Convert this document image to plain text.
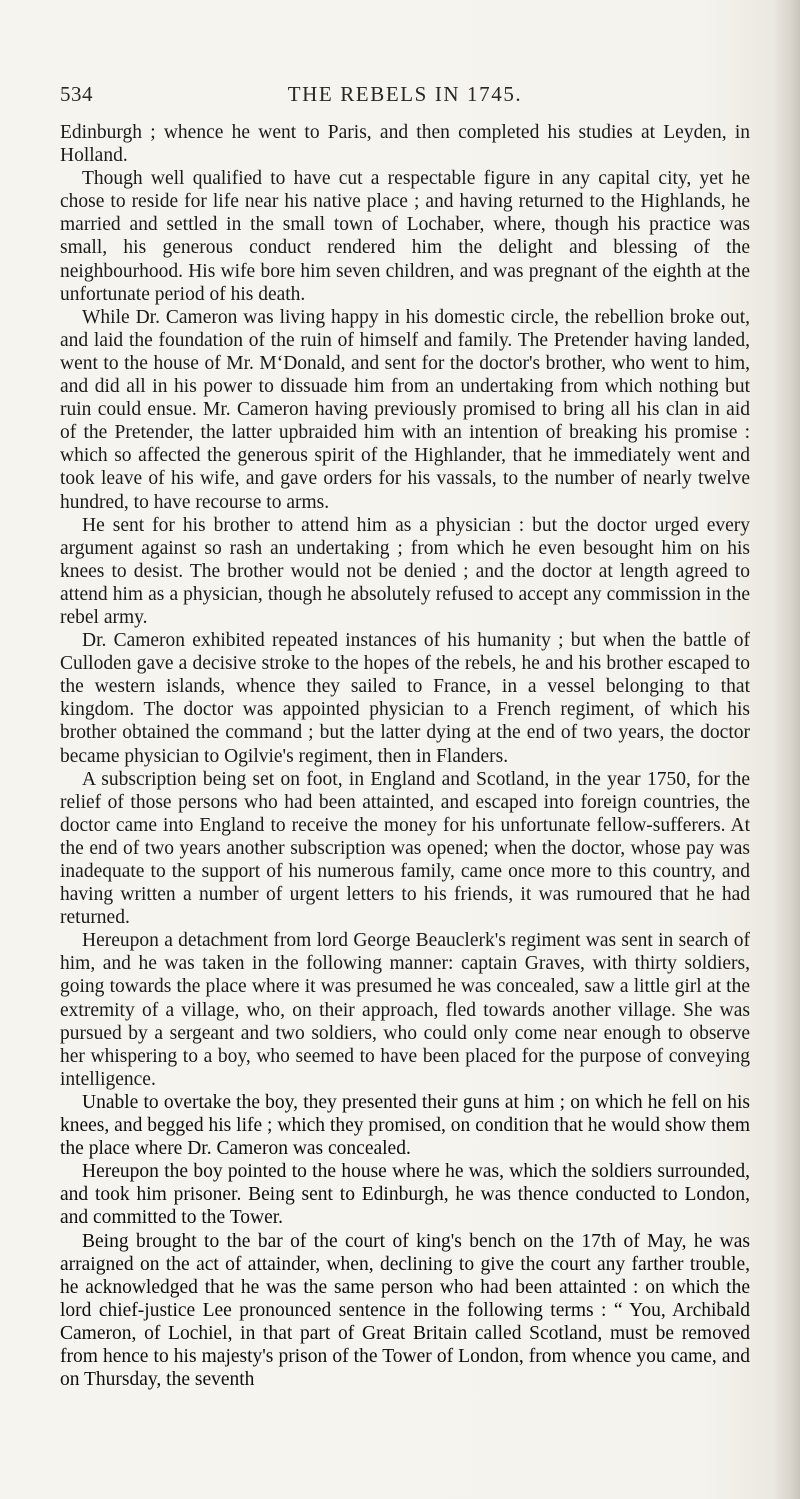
534	THE REBELS IN 1745.

Edinburgh ; whence he went to Paris, and then completed his studies at Leyden, in Holland.

Though well qualified to have cut a respectable figure in any capital city, yet he chose to reside for life near his native place ; and having returned to the Highlands, he married and settled in the small town of Lochaber, where, though his practice was small, his generous conduct rendered him the delight and blessing of the neighbourhood. His wife bore him seven children, and was pregnant of the eighth at the unfortunate period of his death.

While Dr. Cameron was living happy in his domestic circle, the rebellion broke out, and laid the foundation of the ruin of himself and family. The Pretender having landed, went to the house of Mr. M‘Donald, and sent for the doctor's brother, who went to him, and did all in his power to dissuade him from an undertaking from which nothing but ruin could ensue. Mr. Cameron having previously promised to bring all his clan in aid of the Pretender, the latter upbraided him with an intention of breaking his promise : which so affected the generous spirit of the Highlander, that he immediately went and took leave of his wife, and gave orders for his vassals, to the number of nearly twelve hundred, to have recourse to arms.

He sent for his brother to attend him as a physician : but the doctor urged every argument against so rash an undertaking ; from which he even besought him on his knees to desist. The brother would not be denied ; and the doctor at length agreed to attend him as a physician, though he absolutely refused to accept any commission in the rebel army.

Dr. Cameron exhibited repeated instances of his humanity ; but when the battle of Culloden gave a decisive stroke to the hopes of the rebels, he and his brother escaped to the western islands, whence they sailed to France, in a vessel belonging to that kingdom. The doctor was appointed physician to a French regiment, of which his brother obtained the command ; but the latter dying at the end of two years, the doctor became physician to Ogilvie's regiment, then in Flanders.

A subscription being set on foot, in England and Scotland, in the year 1750, for the relief of those persons who had been attainted, and escaped into foreign countries, the doctor came into England to receive the money for his unfortunate fellow-sufferers. At the end of two years another subscription was opened; when the doctor, whose pay was inadequate to the support of his numerous family, came once more to this country, and having written a number of urgent letters to his friends, it was rumoured that he had returned.

Hereupon a detachment from lord George Beauclerk's regiment was sent in search of him, and he was taken in the following manner: captain Graves, with thirty soldiers, going towards the place where it was presumed he was concealed, saw a little girl at the extremity of a village, who, on their approach, fled towards another village. She was pursued by a sergeant and two soldiers, who could only come near enough to observe her whispering to a boy, who seemed to have been placed for the purpose of conveying intelligence.

Unable to overtake the boy, they presented their guns at him ; on which he fell on his knees, and begged his life ; which they promised, on condition that he would show them the place where Dr. Cameron was concealed.

Hereupon the boy pointed to the house where he was, which the soldiers surrounded, and took him prisoner. Being sent to Edinburgh, he was thence conducted to London, and committed to the Tower.

Being brought to the bar of the court of king's bench on the 17th of May, he was arraigned on the act of attainder, when, declining to give the court any farther trouble, he acknowledged that he was the same person who had been attainted : on which the lord chief-justice Lee pronounced sentence in the following terms : “ You, Archibald Cameron, of Lochiel, in that part of Great Britain called Scotland, must be removed from hence to his majesty's prison of the Tower of London, from whence you came, and on Thursday, the seventh
